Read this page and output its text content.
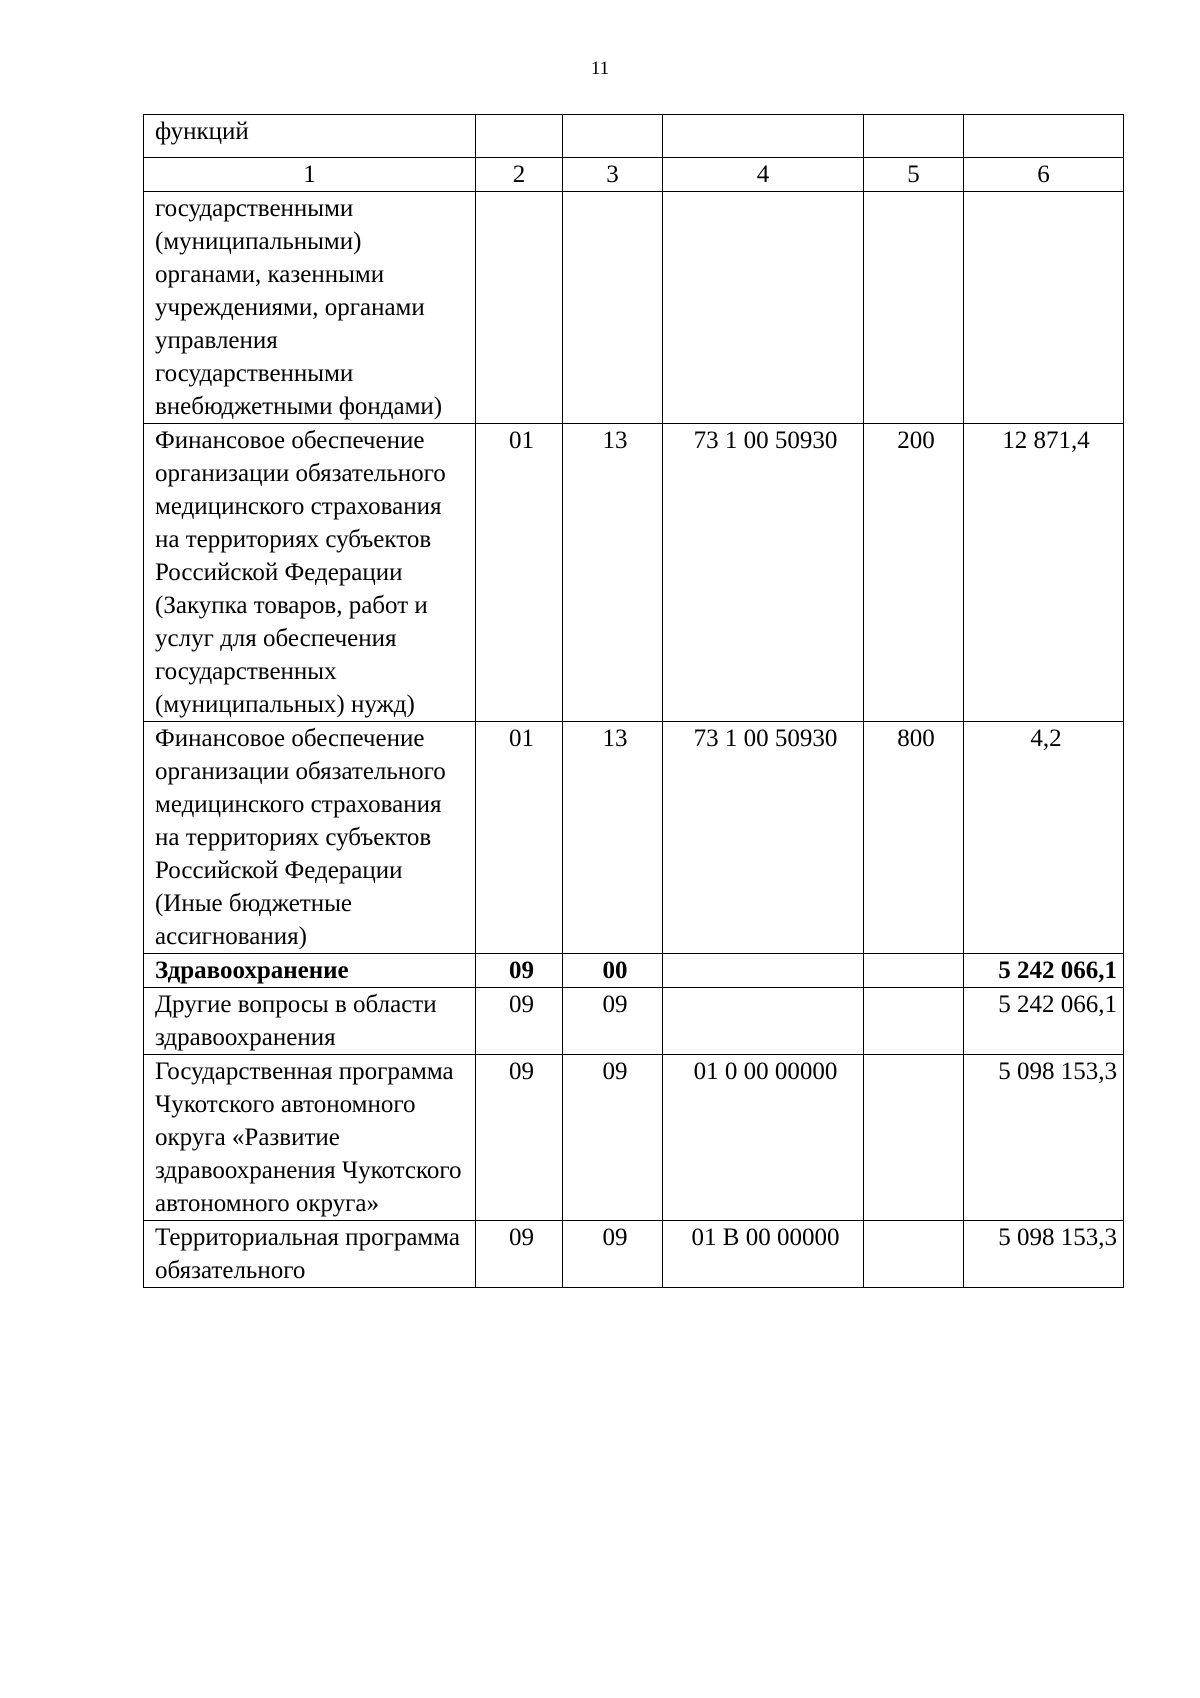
11
функций					
1	2	3	4	5	6
государственными (муниципальными) органами, казенными учреждениями, органами управления государственными внебюджетными фондами)					
Финансовое обеспечение организации обязательного медицинского страхования на территориях субъектов Российской Федерации (Закупка товаров, работ и услуг для обеспечения государственных (муниципальных) нужд)	01	13	73 1 00 50930	200	12 871,4
Финансовое обеспечение организации обязательного медицинского страхования на территориях субъектов Российской Федерации (Иные бюджетные ассигнования)	01	13	73 1 00 50930	800	4,2
Здравоохранение	09	00			5 242 066,1
Другие вопросы в области здравоохранения	09	09			5 242 066,1
Государственная программа Чукотского автономного округа «Развитие здравоохранения Чукотского автономного округа»	09	09	01 0 00 00000		5 098 153,3
Территориальная программа обязательного	09	09	01 В 00 00000		5 098 153,3
